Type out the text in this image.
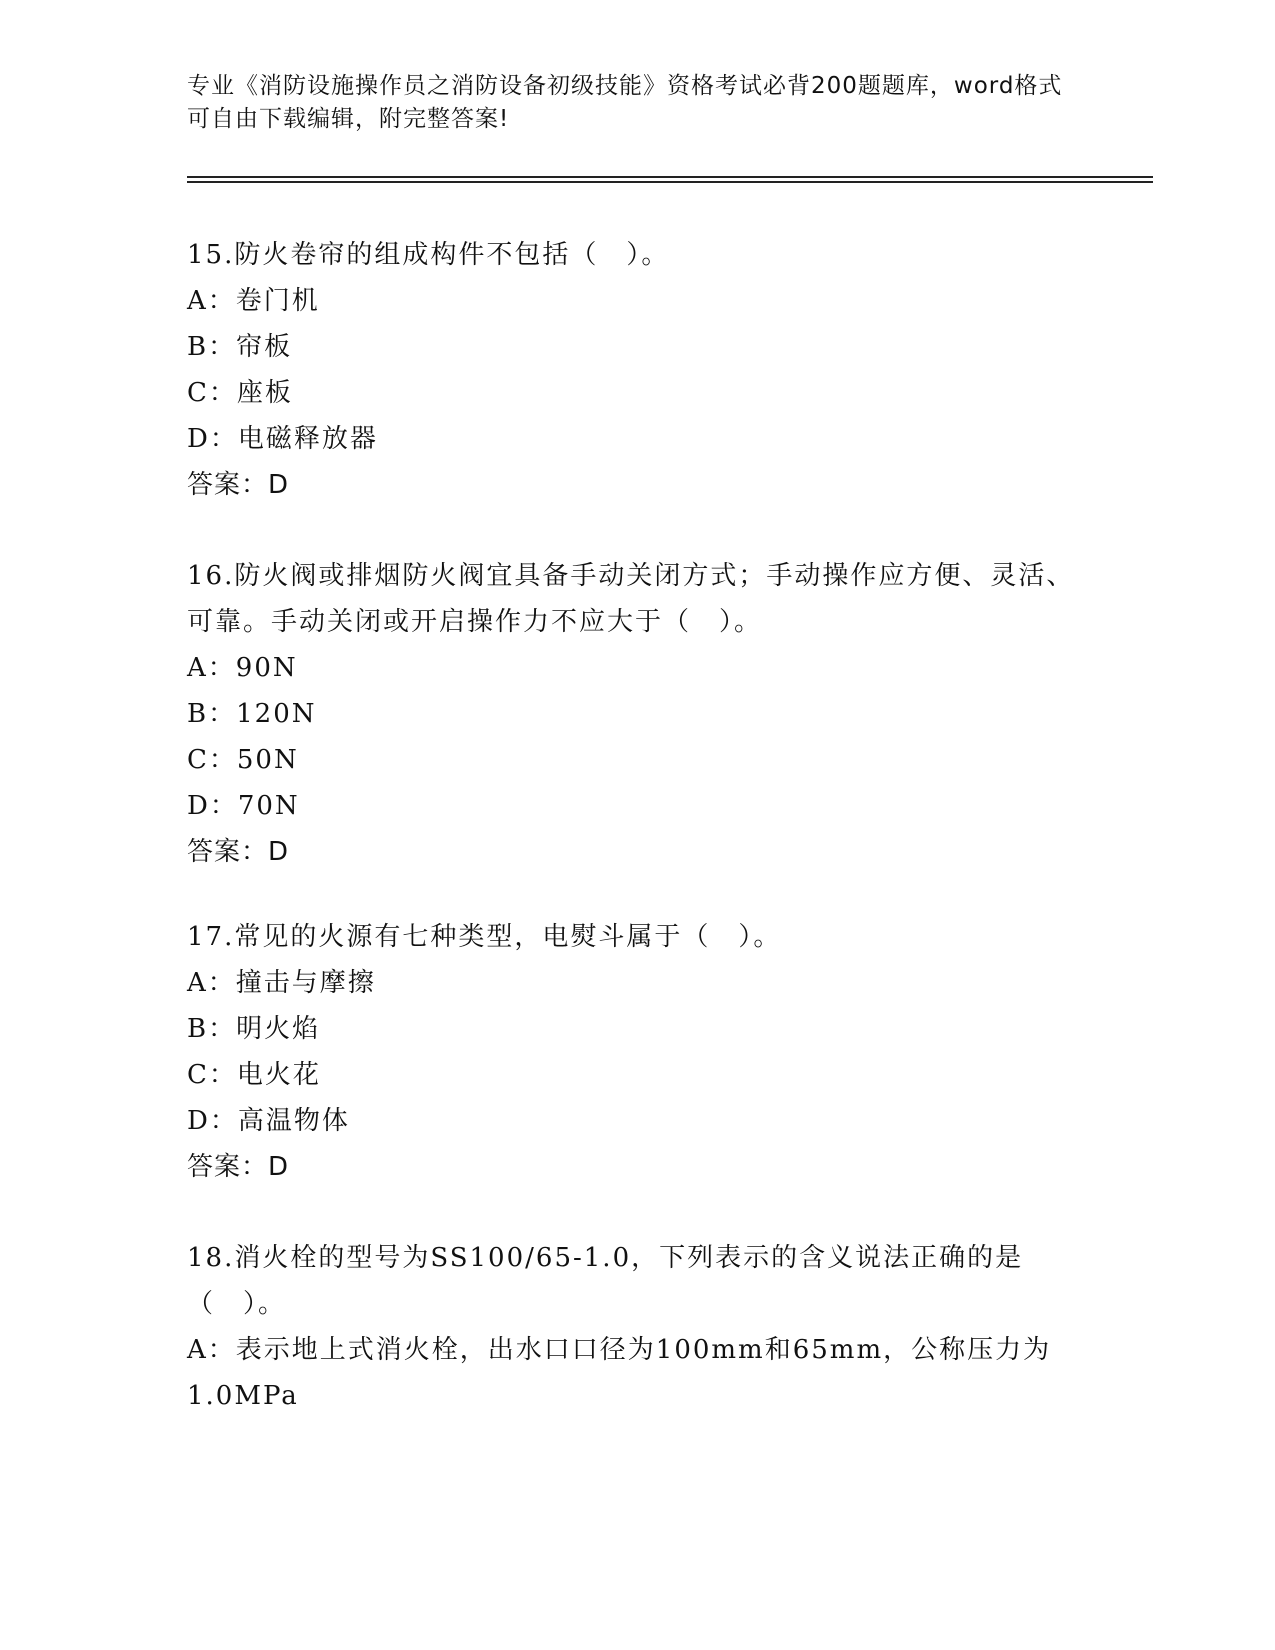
专业《消防设施操作员之消防设备初级技能》资格考试必背200题题库，word格式可自由下载编辑，附完整答案!
15.防火卷帘的组成构件不包括（　）。
A：卷门机
B：帘板
C：座板
D：电磁释放器
答案：D
16.防火阀或排烟防火阀宜具备手动关闭方式；手动操作应方便、灵活、可靠。手动关闭或开启操作力不应大于（　）。
A：90N
B：120N
C：50N
D：70N
答案：D
17.常见的火源有七种类型，电熨斗属于（　）。
A：撞击与摩擦
B：明火焰
C：电火花
D：高温物体
答案：D
18.消火栓的型号为SS100/65-1.0，下列表示的含义说法正确的是（　）。
A：表示地上式消火栓，出水口口径为100mm和65mm，公称压力为1.0MPa
